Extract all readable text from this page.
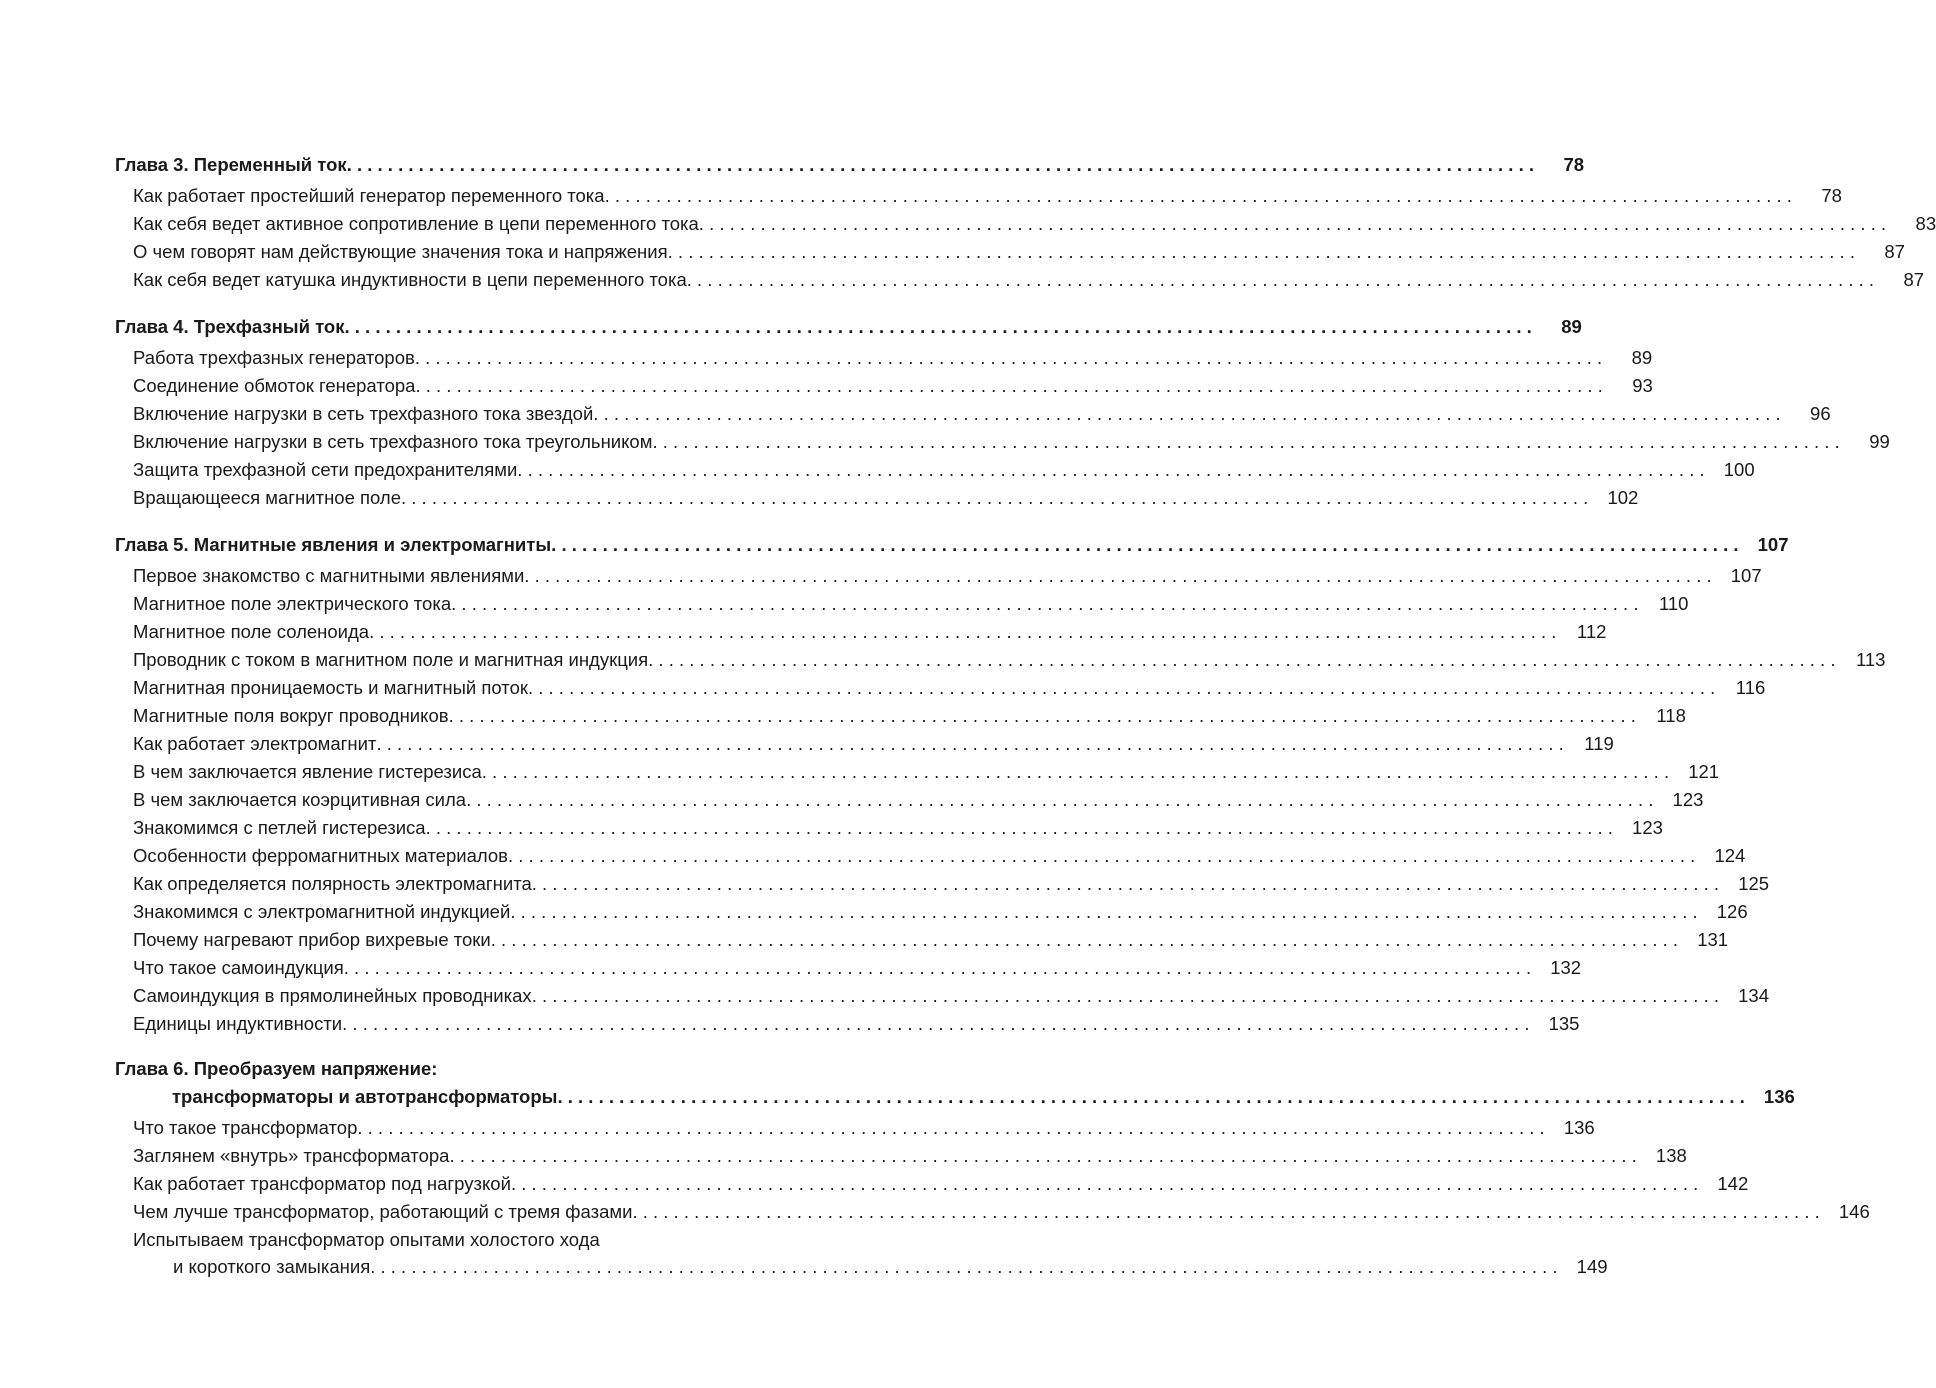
Глава 3. Переменный ток . . .	78
Как работает простейший генератор переменного тока . . .	78
Как себя ведет активное сопротивление в цепи переменного тока . . .	83
О чем говорят нам действующие значения тока и напряжения . . .	87
Как себя ведет катушка индуктивности в цепи переменного тока . . .	87
Глава 4. Трехфазный ток . . .	89
Работа трехфазных генераторов . . .	89
Соединение обмоток генератора . . .	93
Включение нагрузки в сеть трехфазного тока звездой . . .	96
Включение нагрузки в сеть трехфазного тока треугольником . . .	99
Защита трехфазной сети предохранителями . . .	100
Вращающееся магнитное поле . . .	102
Глава 5. Магнитные явления и электромагниты . . .	107
Первое знакомство с магнитными явлениями . . .	107
Магнитное поле электрического тока . . .	110
Магнитное поле соленоида . . .	112
Проводник с током в магнитном поле и магнитная индукция . . .	113
Магнитная проницаемость и магнитный поток . . .	116
Магнитные поля вокруг проводников . . .	118
Как работает электромагнит . . .	119
В чем заключается явление гистерезиса . . .	121
В чем заключается коэрцитивная сила . . .	123
Знакомимся с петлей гистерезиса . . .	123
Особенности ферромагнитных материалов . . .	124
Как определяется полярность электромагнита . . .	125
Знакомимся с электромагнитной индукцией . . .	126
Почему нагревают прибор вихревые токи . . .	131
Что такое самоиндукция . . .	132
Самоиндукция в прямолинейных проводниках . . .	134
Единицы индуктивности . . .	135
Глава 6. Преобразуем напряжение:
трансформаторы и автотрансформаторы . . .	136
Что такое трансформатор . . .	136
Заглянем «внутрь» трансформатора . . .	138
Как работает трансформатор под нагрузкой . . .	142
Чем лучше трансформатор, работающий с тремя фазами . . .	146
Испытываем трансформатор опытами холостого хода
и короткого замыкания . . .	149
